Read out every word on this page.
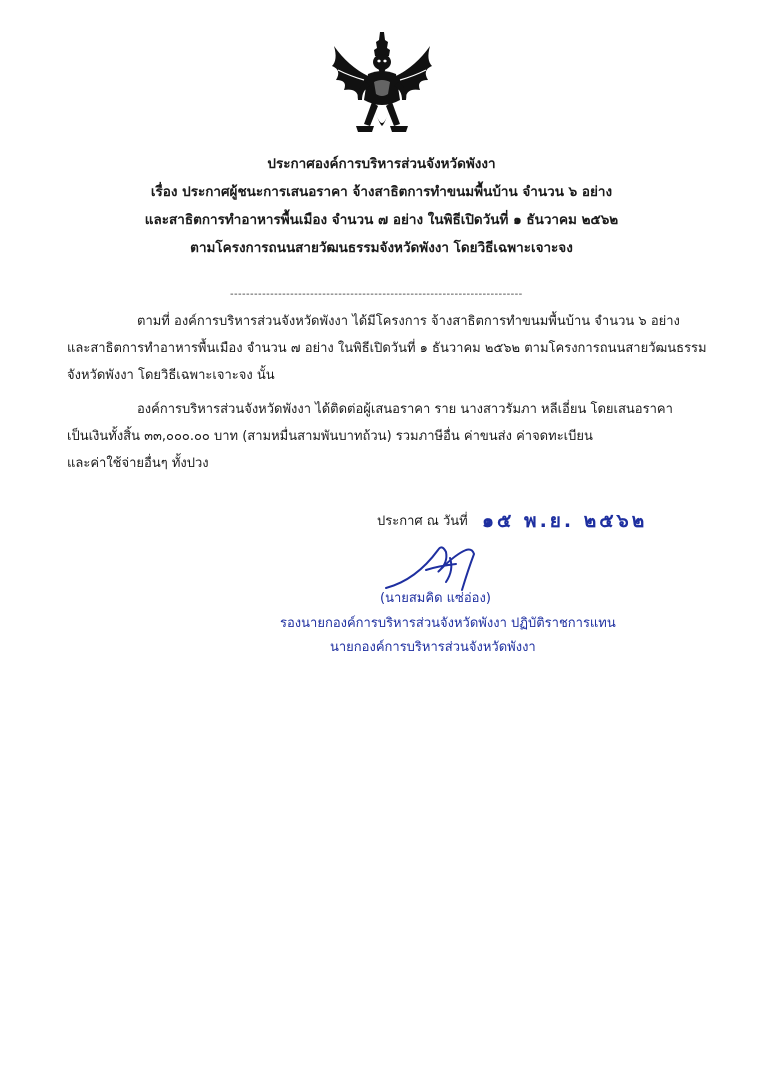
ประกาศองค์การบริหารส่วนจังหวัดพังงา
เรื่อง ประกาศผู้ชนะการเสนอราคา จ้างสาธิตการทำขนมพื้นบ้าน จำนวน ๖ อย่าง
และสาธิตการทำอาหารพื้นเมือง จำนวน ๗ อย่าง ในพิธีเปิดวันที่ ๑ ธันวาคม ๒๕๖๒
ตามโครงการถนนสายวัฒนธรรมจังหวัดพังงา โดยวิธีเฉพาะเจาะจง
-------------------------------------------------------------------------
ตามที่ องค์การบริหารส่วนจังหวัดพังงา ได้มีโครงการ จ้างสาธิตการทำขนมพื้นบ้าน จำนวน ๖ อย่าง
และสาธิตการทำอาหารพื้นเมือง จำนวน ๗ อย่าง ในพิธีเปิดวันที่ ๑ ธันวาคม ๒๕๖๒ ตามโครงการถนนสายวัฒนธรรม
จังหวัดพังงา โดยวิธีเฉพาะเจาะจง นั้น
องค์การบริหารส่วนจังหวัดพังงา ได้ติดต่อผู้เสนอราคา ราย นางสาวรัมภา หลีเอี่ยน โดยเสนอราคา
เป็นเงินทั้งสิ้น ๓๓,๐๐๐.๐๐ บาท (สามหมื่นสามพันบาทถ้วน) รวมภาษีอื่น ค่าขนส่ง ค่าจดทะเบียน
และค่าใช้จ่ายอื่นๆ ทั้งปวง
ประกาศ ณ วันที่ ๑๕ พ.ย. ๒๕๖๒
(นายสมคิด แซ่อ่อง)
รองนายกองค์การบริหารส่วนจังหวัดพังงา ปฏิบัติราชการแทน
นายกองค์การบริหารส่วนจังหวัดพังงา
